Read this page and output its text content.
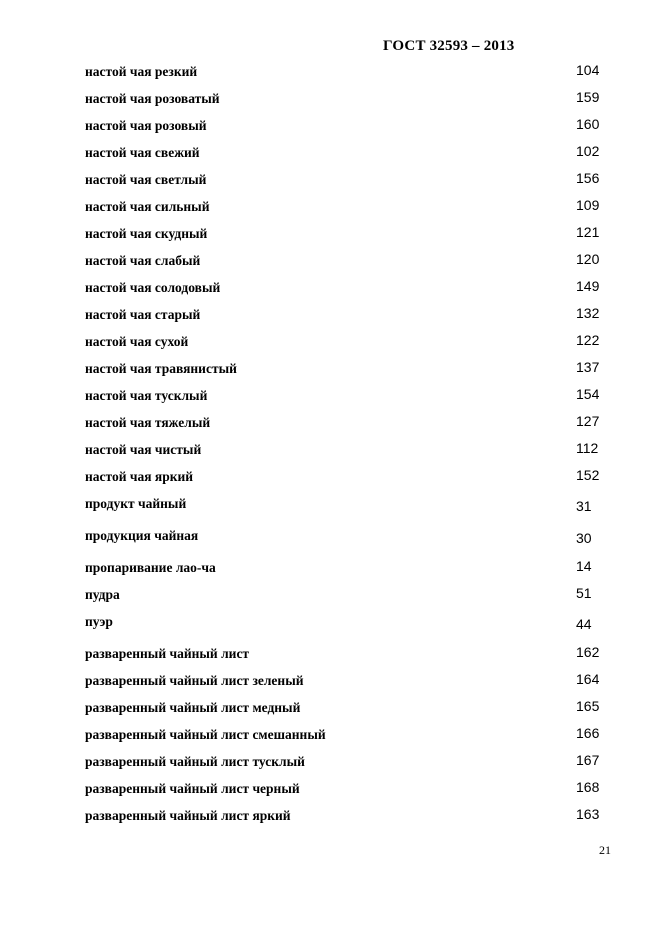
ГОСТ 32593 – 2013
настой чая резкий	104
настой чая розоватый	159
настой чая розовый	160
настой чая свежий	102
настой чая светлый	156
настой чая сильный	109
настой чая скудный	121
настой чая слабый	120
настой чая солодовый	149
настой чая старый	132
настой чая сухой	122
настой чая травянистый	137
настой чая тусклый	154
настой чая тяжелый	127
настой чая чистый	112
настой чая яркий	152
продукт чайный	31
продукция чайная	30
пропаривание лао-ча	14
пудра	51
пуэр	44
разваренный чайный лист	162
разваренный чайный лист зеленый	164
разваренный чайный лист медный	165
разваренный чайный лист смешанный	166
разваренный чайный лист тусклый	167
разваренный чайный лист черный	168
разваренный чайный лист яркий	163
21
